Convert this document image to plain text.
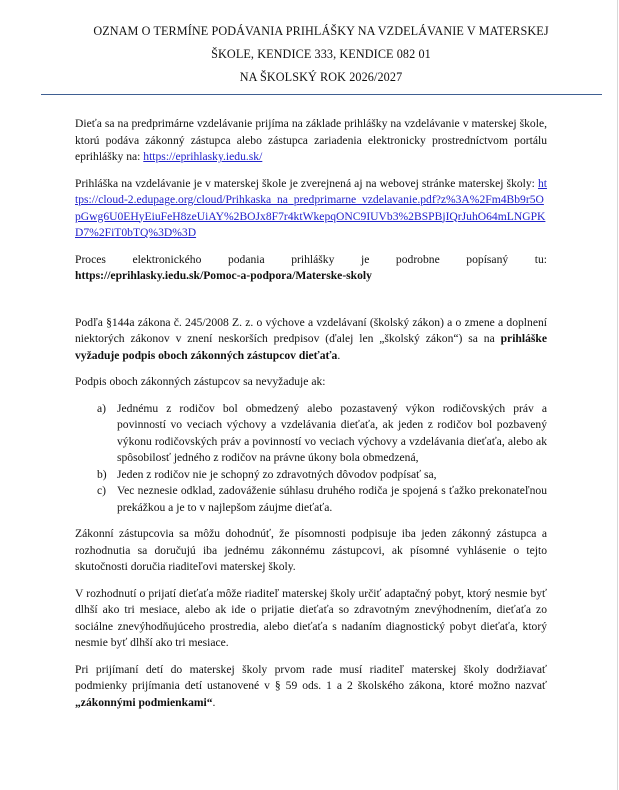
OZNAM O TERMÍNE PODÁVANIA PRIHLÁŠKY NA VZDELÁVANIE V MATERSKEJ
ŠKOLE, KENDICE 333, KENDICE 082 01
NA ŠKOLSKÝ ROK 2026/2027

Dieťa sa na predprimárne vzdelávanie prijíma na základe prihlášky na vzdelávanie v materskej škole, ktorú podáva zákonný zástupca alebo zástupca zariadenia elektronicky prostredníctvom portálu eprihlášky na: https://eprihlasky.iedu.sk/

Prihláška na vzdelávanie je v materskej škole je zverejnená aj na webovej stránke materskej školy: https://cloud-2.edupage.org/cloud/Prihkaska_na_predprimarne_vzdelavanie.pdf?z%3A%2Fm4Bb9r5OpGwg6U0EHyEiuFeH8zeUiAY%2BOJx8F7r4ktWkepqONC9IUVb3%2BSPBjIQrJuhO64mLNGPKD7%2FiT0bTQ%3D%3D

Proces elektronického podania prihlášky je podrobne popísaný tu: https://eprihlasky.iedu.sk/Pomoc-a-podpora/Materske-skoly

Podľa §144a zákona č. 245/2008 Z. z. o výchove a vzdelávaní (školský zákon) a o zmene a doplnení niektorých zákonov v znení neskorších predpisov (ďalej len „školský zákon“) sa na prihláške vyžaduje podpis oboch zákonných zástupcov dieťaťa.

Podpis oboch zákonných zástupcov sa nevyžaduje ak:

a) Jednému z rodičov bol obmedzený alebo pozastavený výkon rodičovských práv a povinností vo veciach výchovy a vzdelávania dieťaťa, ak jeden z rodičov bol pozbavený výkonu rodičovských práv a povinností vo veciach výchovy a vzdelávania dieťaťa, alebo ak spôsobilosť jedného z rodičov na právne úkony bola obmedzená,
b) Jeden z rodičov nie je schopný zo zdravotných dôvodov podpísať sa,
c) Vec neznesie odklad, zadováženie súhlasu druhého rodiča je spojená s ťažko prekonateľnou prekážkou a je to v najlepšom záujme dieťaťa.

Zákonní zástupcovia sa môžu dohodnúť, že písomnosti podpisuje iba jeden zákonný zástupca a rozhodnutia sa doručujú iba jednému zákonnému zástupcovi, ak písomné vyhlásenie o tejto skutočnosti doručia riaditeľovi materskej školy.

V rozhodnutí o prijatí dieťaťa môže riaditeľ materskej školy určiť adaptačný pobyt, ktorý nesmie byť dlhší ako tri mesiace, alebo ak ide o prijatie dieťaťa so zdravotným znevýhodnením, dieťaťa zo sociálne znevýhodňujúceho prostredia, alebo dieťaťa s nadaním diagnostický pobyt dieťaťa, ktorý nesmie byť dlhší ako tri mesiace.

Pri prijímaní detí do materskej školy prvom rade musí riaditeľ materskej školy dodržiavať podmienky prijímania detí ustanovené v § 59 ods. 1 a 2 školského zákona, ktoré možno nazvať „zákonnými podmienkami“.
